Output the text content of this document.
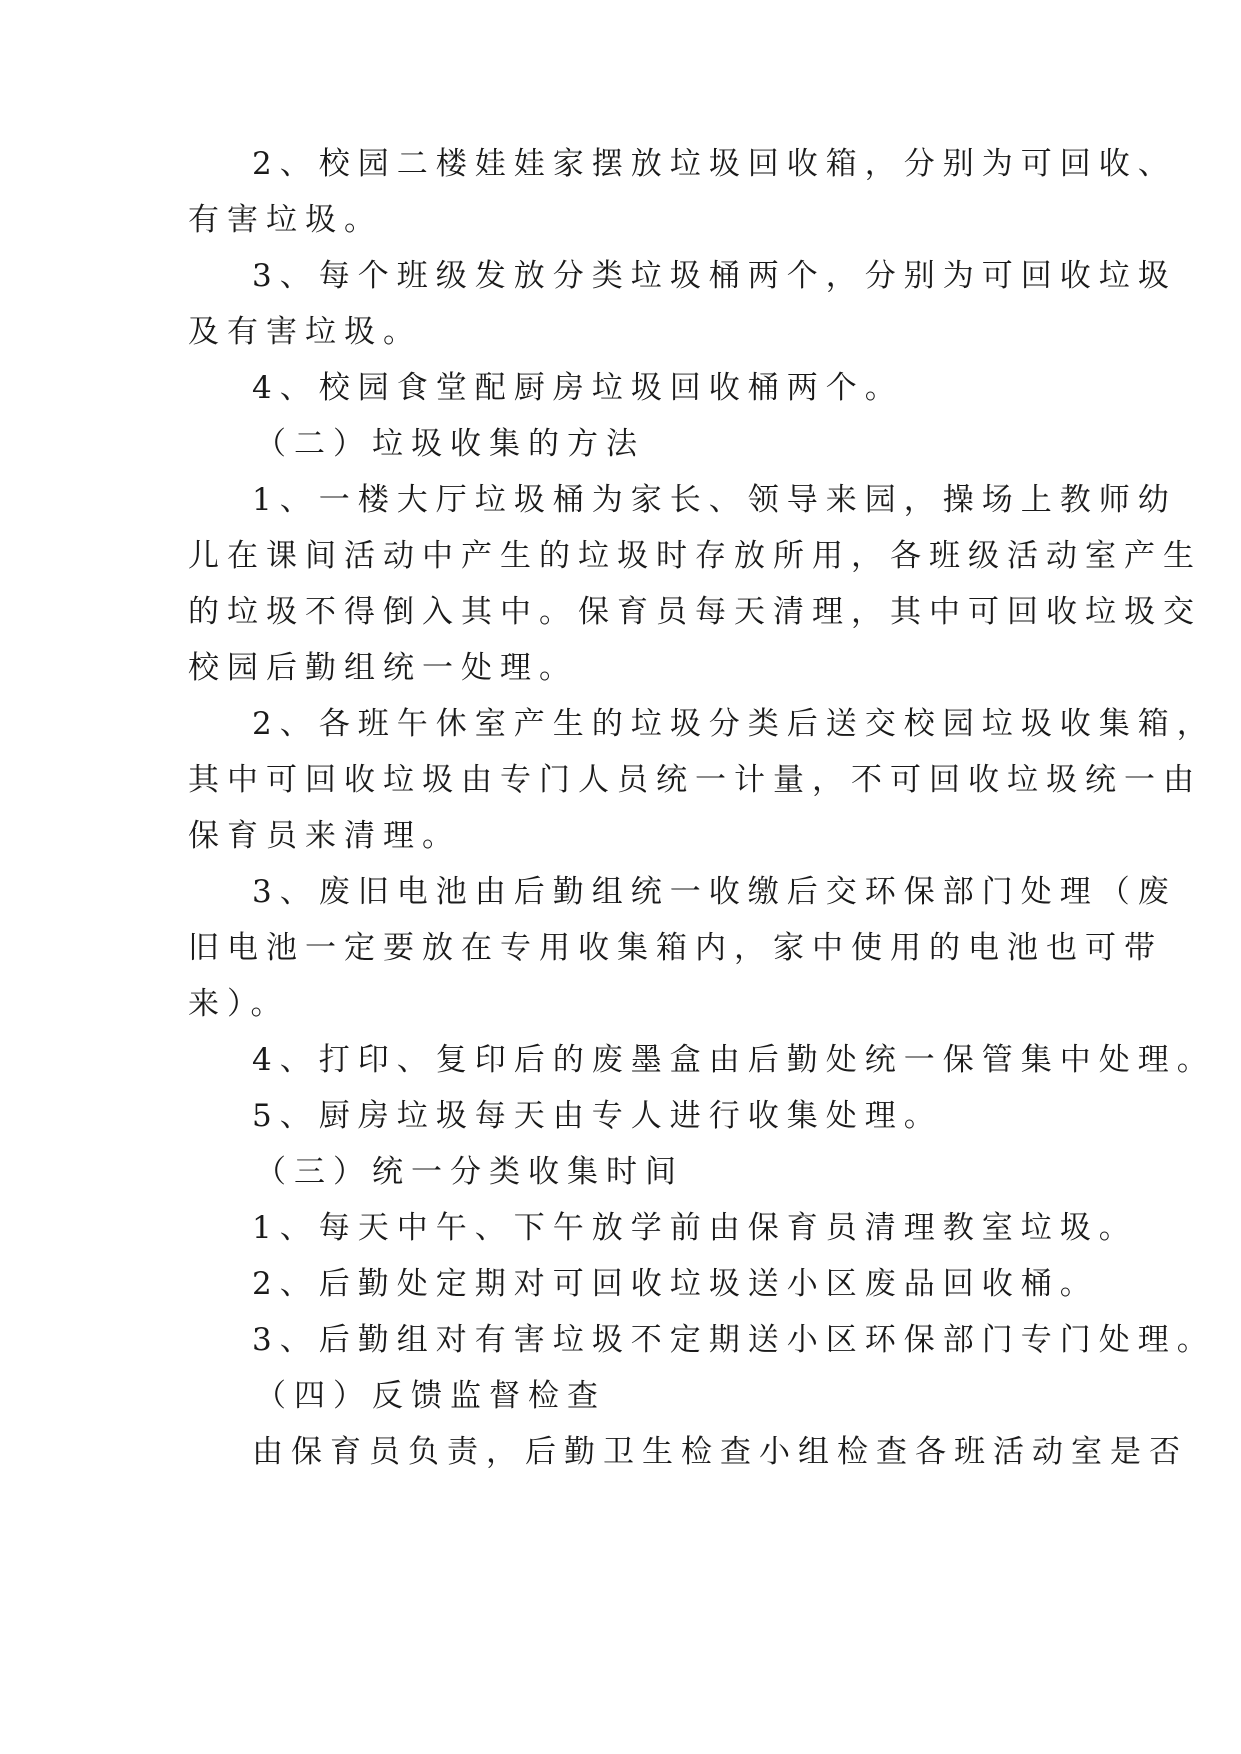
2、校园二楼娃娃家摆放垃圾回收箱，分别为可回收、
有害垃圾。
3、每个班级发放分类垃圾桶两个，分别为可回收垃圾
及有害垃圾。
4、校园食堂配厨房垃圾回收桶两个。
（二）垃圾收集的方法
1、一楼大厅垃圾桶为家长、领导来园，操场上教师幼
儿在课间活动中产生的垃圾时存放所用，各班级活动室产生
的垃圾不得倒入其中。保育员每天清理，其中可回收垃圾交
校园后勤组统一处理。
2、各班午休室产生的垃圾分类后送交校园垃圾收集箱，
其中可回收垃圾由专门人员统一计量，不可回收垃圾统一由
保育员来清理。
3、废旧电池由后勤组统一收缴后交环保部门处理（废
旧电池一定要放在专用收集箱内，家中使用的电池也可带
来）。
4、打印、复印后的废墨盒由后勤处统一保管集中处理。
5、厨房垃圾每天由专人进行收集处理。
（三）统一分类收集时间
1、每天中午、下午放学前由保育员清理教室垃圾。
2、后勤处定期对可回收垃圾送小区废品回收桶。
3、后勤组对有害垃圾不定期送小区环保部门专门处理。
（四）反馈监督检查
由保育员负责，后勤卫生检查小组检查各班活动室是否
